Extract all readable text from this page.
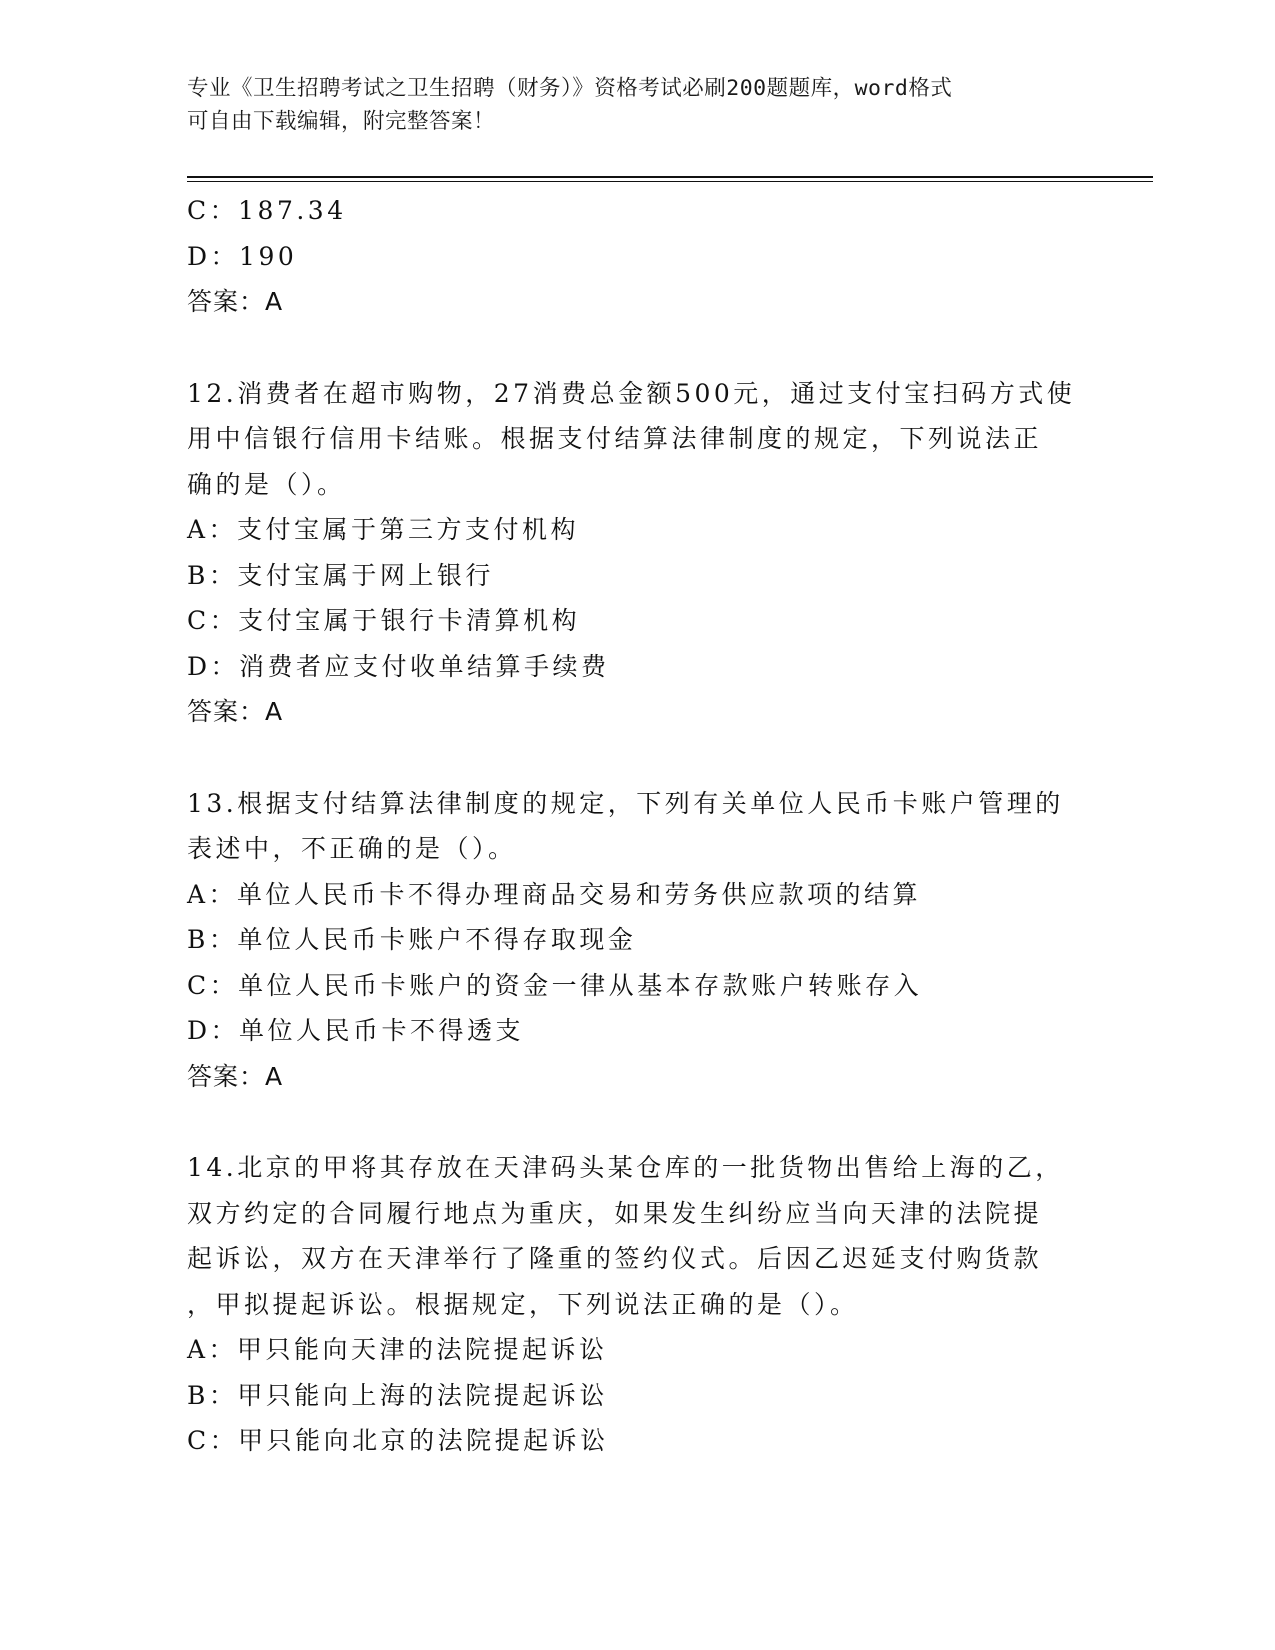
专业《卫生招聘考试之卫生招聘（财务）》资格考试必刷200题题库，word格式
可自由下载编辑，附完整答案！

C：187.34

D：190

答案：A

12.消费者在超市购物，27消费总金额500元，通过支付宝扫码方式使

用中信银行信用卡结账。根据支付结算法律制度的规定，下列说法正

确的是（）。

A：支付宝属于第三方支付机构

B：支付宝属于网上银行

C：支付宝属于银行卡清算机构

D：消费者应支付收单结算手续费

答案：A

13.根据支付结算法律制度的规定，下列有关单位人民币卡账户管理的

表述中，不正确的是（）。

A：单位人民币卡不得办理商品交易和劳务供应款项的结算

B：单位人民币卡账户不得存取现金

C：单位人民币卡账户的资金一律从基本存款账户转账存入

D：单位人民币卡不得透支

答案：A

14.北京的甲将其存放在天津码头某仓库的一批货物出售给上海的乙，

双方约定的合同履行地点为重庆，如果发生纠纷应当向天津的法院提

起诉讼，双方在天津举行了隆重的签约仪式。后因乙迟延支付购货款

，甲拟提起诉讼。根据规定，下列说法正确的是（）。

A：甲只能向天津的法院提起诉讼

B：甲只能向上海的法院提起诉讼

C：甲只能向北京的法院提起诉讼
